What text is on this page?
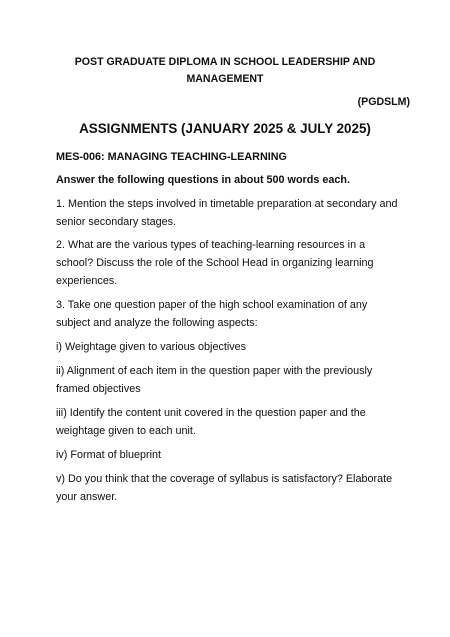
POST GRADUATE DIPLOMA IN SCHOOL LEADERSHIP AND MANAGEMENT
(PGDSLM)
ASSIGNMENTS (JANUARY 2025 & JULY 2025)
MES-006: MANAGING TEACHING-LEARNING
Answer the following questions in about 500 words each.
1. Mention the steps involved in timetable preparation at secondary and senior secondary stages.
2. What are the various types of teaching-learning resources in a school? Discuss the role of the School Head in organizing learning experiences.
3. Take one question paper of the high school examination of any subject and analyze the following aspects:
i) Weightage given to various objectives
ii) Alignment of each item in the question paper with the previously framed objectives
iii) Identify the content unit covered in the question paper and the weightage given to each unit.
iv) Format of blueprint
v) Do you think that the coverage of syllabus is satisfactory? Elaborate your answer.
